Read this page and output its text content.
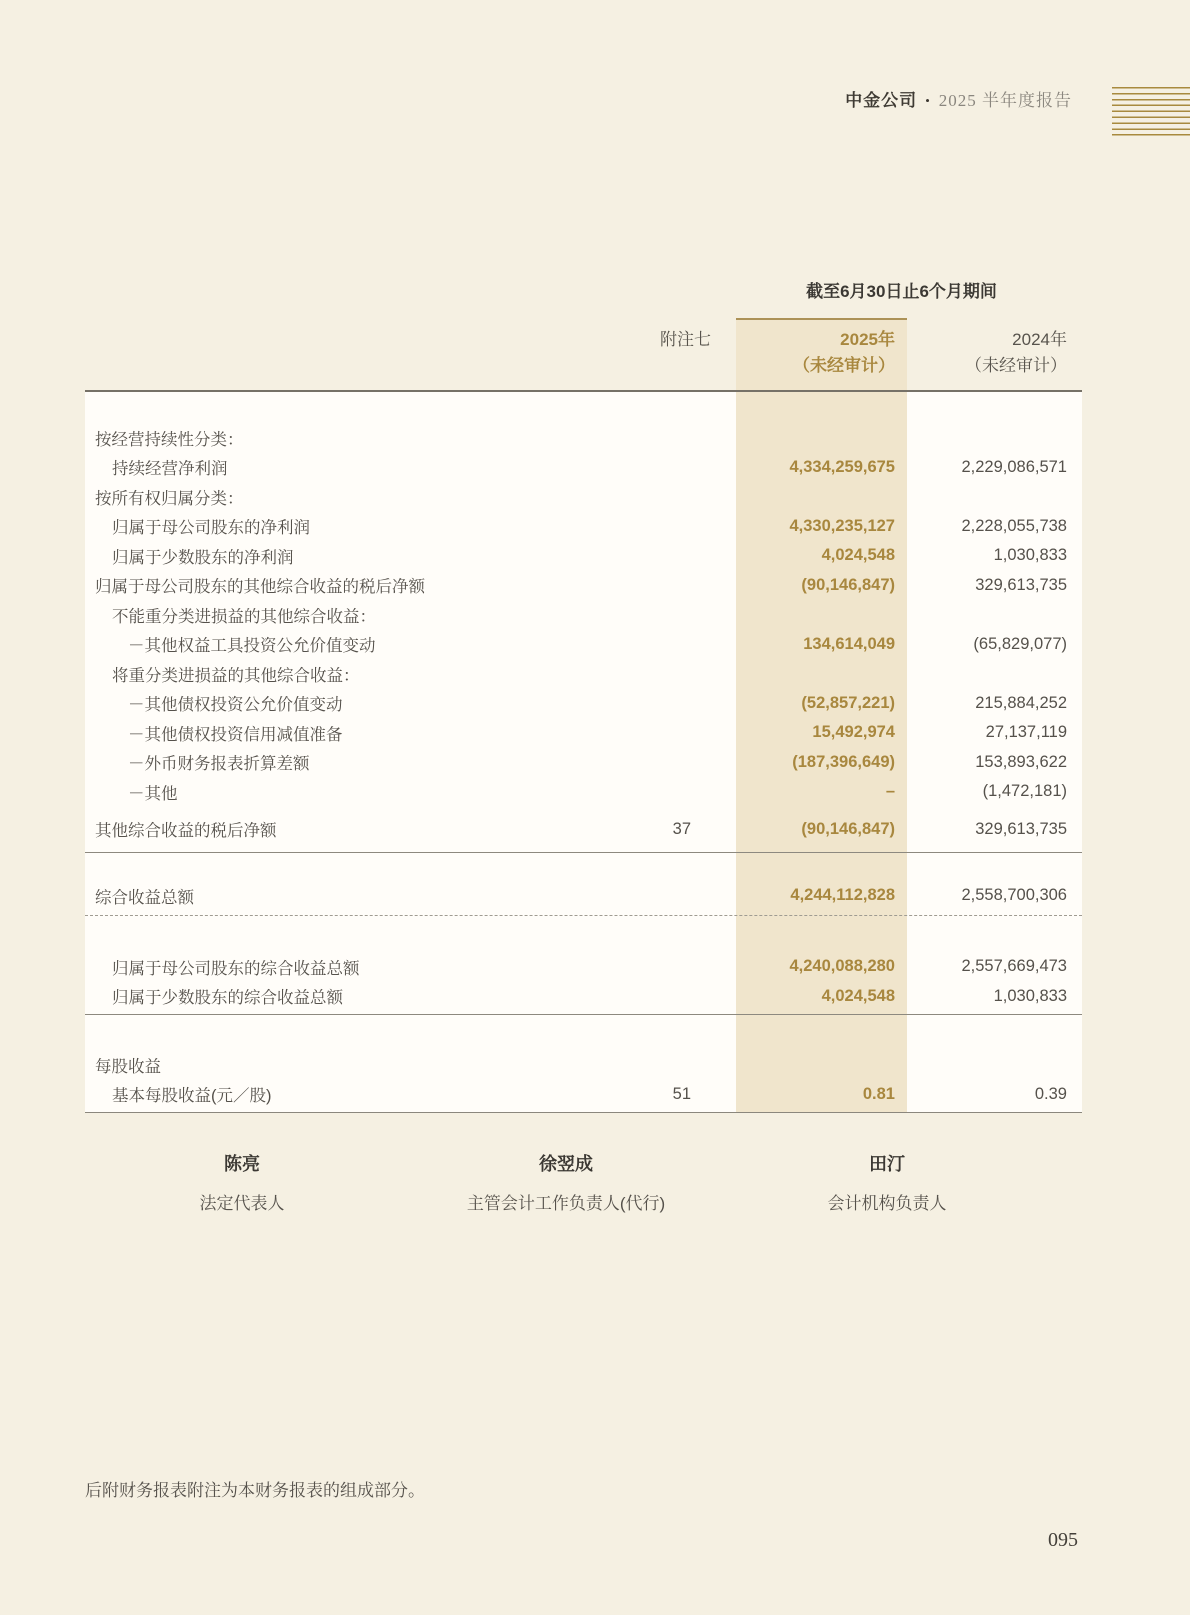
中金公司 • 2025 半年度报告
截至6月30日止6个月期间
附注七	2025年	2024年
（未经审计）	（未经审计）
按经营持续性分类：
持续经营净利润	4,334,259,675	2,229,086,571
按所有权归属分类：
归属于母公司股东的净利润	4,330,235,127	2,228,055,738
归属于少数股东的净利润	4,024,548	1,030,833
归属于母公司股东的其他综合收益的税后净额	(90,146,847)	329,613,735
不能重分类进损益的其他综合收益：
－其他权益工具投资公允价值变动	134,614,049	(65,829,077)
将重分类进损益的其他综合收益：
－其他债权投资公允价值变动	(52,857,221)	215,884,252
－其他债权投资信用减值准备	15,492,974	27,137,119
－外币财务报表折算差额	(187,396,649)	153,893,622
－其他	–	(1,472,181)
其他综合收益的税后净额	37	(90,146,847)	329,613,735
综合收益总额	4,244,112,828	2,558,700,306
归属于母公司股东的综合收益总额	4,240,088,280	2,557,669,473
归属于少数股东的综合收益总额	4,024,548	1,030,833
每股收益
基本每股收益(元／股)	51	0.81	0.39
陈亮
法定代表人
徐翌成
主管会计工作负责人(代行)
田汀
会计机构负责人
后附财务报表附注为本财务报表的组成部分。
095
